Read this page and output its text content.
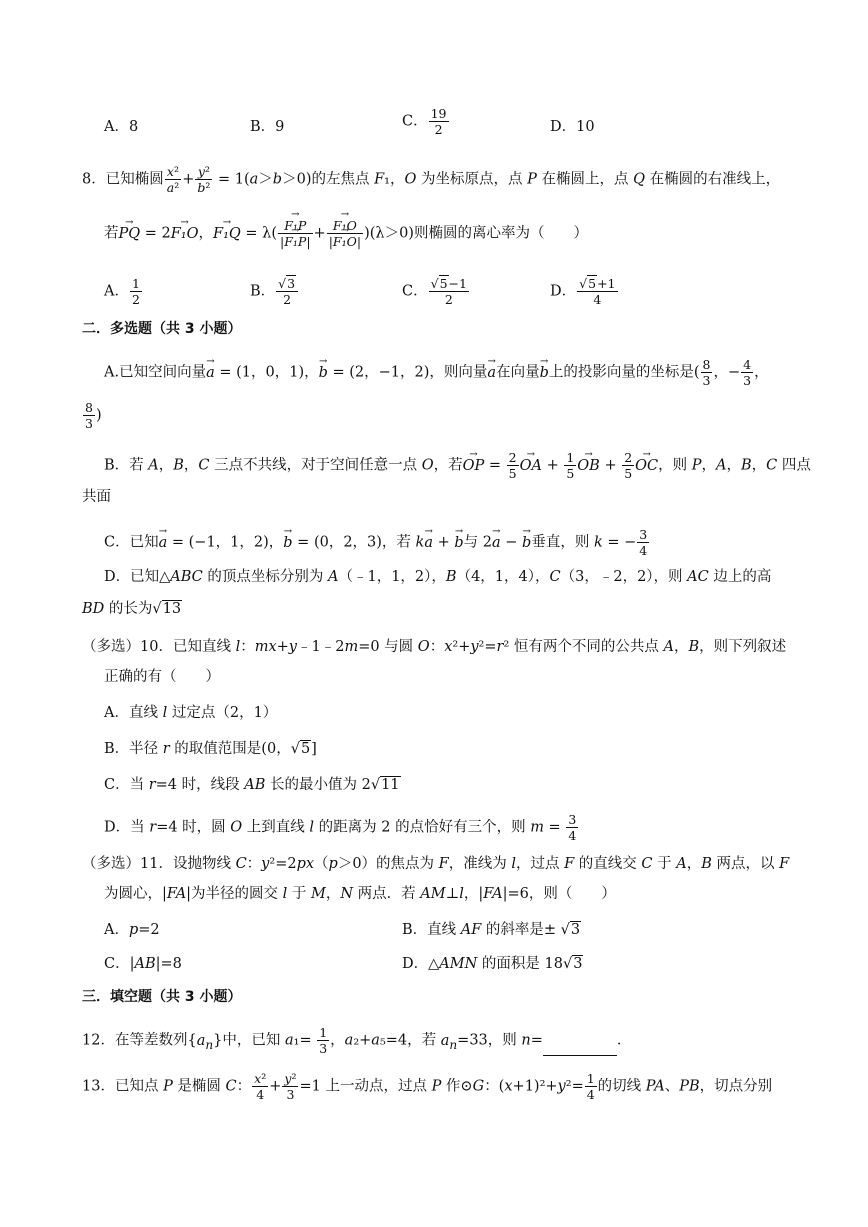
A．8	B．9	C． $\frac{19}{2}$	D．10
8．已知椭圆 $\frac{\text{x²}}{\text{a²}} + \frac{\text{y²}}{\text{b²}} = 1(a>b>0)$的左焦点 F₁，O 为坐标原点，点 P 在椭圆上，点 Q 在椭圆的右准线上，
若→ PQ = 2→ F₁O，→ F₁Q = λ(
→ $\frac{\text{F₁P}}{\text{|→ F₁P|}}$ +
→ $\frac{\text{F₁O}}{\text{|→ F₁O|}} )(\lambda>0)$则椭圆的离心率为（　　）
A． $\frac{1}{2}$	B． $\frac{√3}{2}$	C． $\frac{√5-1}{2}$	D． $\frac{√5+1}{4}$
二．多选题（共 3 小题）
A.已知空间向量→ a = (1，0，1)，→ b = (2，−1，2)，则向量→ a在向量→ b上的投影向量的坐标是( $\frac{8}{3}$ ，− $\frac{4}{3}$ ，
$\frac{8}{3}$ )
B．若 A，B，C 三点不共线，对于空间任意一点 O，若→ OP = $\frac{2}{5}$
→ OA + $\frac{1}{5}$
→ OB + $\frac{2}{5}$
→ OC，则 P，A，B，C 四点
共面
C．已知→ a = (−1，1，2)，→ b = (0，2，3)，若 k→ a + → b与 2→ a − → b垂直，则 k = − $\frac{3}{4}$
D．已知△ABC 的顶点坐标分别为 A（﹣1，1，2），B（4，1，4），C（3，﹣2，2），则 AC 边上的高
BD 的长为√13
（多选）10．已知直线 l：mx+y﹣1﹣2m=0 与圆 O：x²+y²=r² 恒有两个不同的公共点 A，B，则下列叙述
正确的有（　　）
A．直线 l 过定点（2，1）
B．半径 r 的取值范围是(0，√5]
C．当 r=4 时，线段 AB 长的最小值为 2√11
D．当 r=4 时，圆 O 上到直线 l 的距离为 2 的点恰好有三个，则 $m = \frac{3}{4}$
（多选）11．设抛物线 C：y²=2px（p＞0）的焦点为 F，准线为 l，过点 F 的直线交 C 于 A，B 两点，以 F
为圆心，|FA|为半径的圆交 l 于 M，N 两点．若 AM⊥l，|FA|=6，则（　　）
A．p=2	B．直线 AF 的斜率是± √3
C．|AB|=8	D．△AMN 的面积是 18√3
三．填空题（共 3 小题）
12．在等差数列$\{a_n\}$中，已知 $a_1= \frac{1}{3}$ ，a₂+a₅=4，若 $a_n=33$，则 n=	．
13．已知点 P 是椭圆 C： $\frac{\text{x²}}{4} + \frac{\text{y²}}{3} =1$ 上一动点，过点 P 作⊙G：$(x+1)^2+y^2= \frac{1}{4}$ 的切线 PA、PB，切点分别
